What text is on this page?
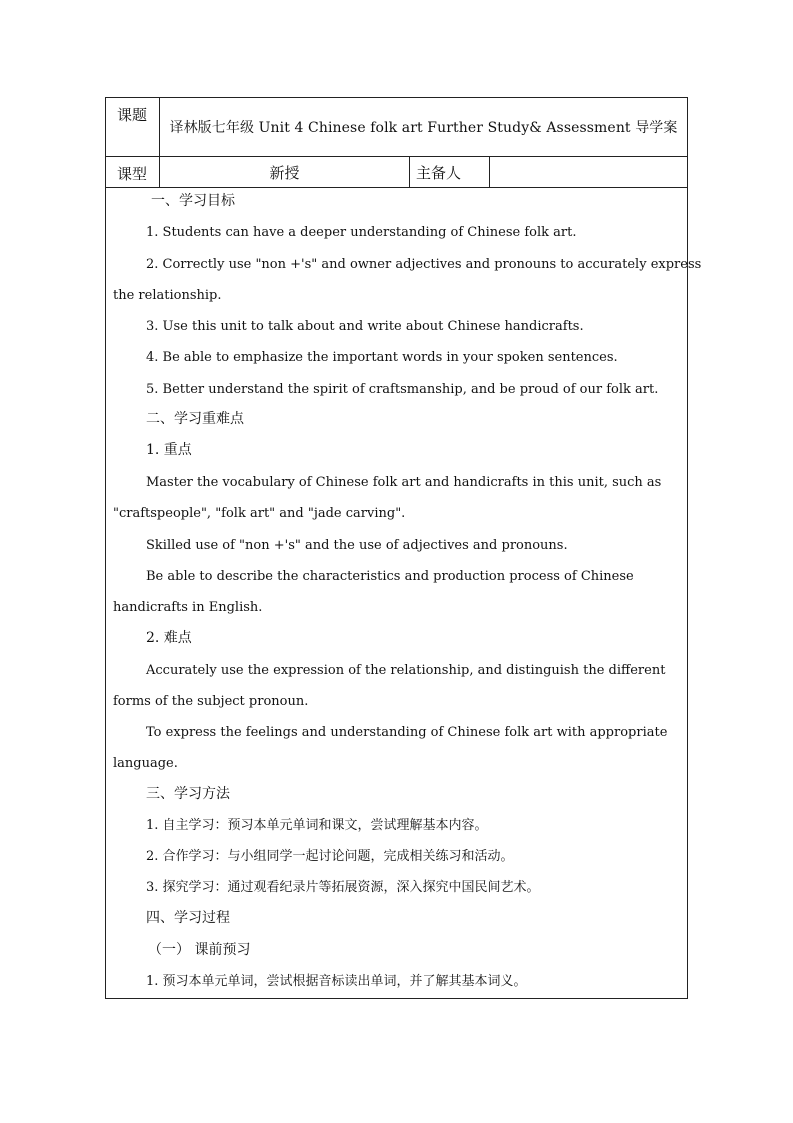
课题
译林版七年级 Unit 4 Chinese folk art Further Study& Assessment 导学案
课型	新授	主备人
一、学习目标
1. Students can have a deeper understanding of Chinese folk art.
2. Correctly use "non +'s" and owner adjectives and pronouns to accurately express
the relationship.
3. Use this unit to talk about and write about Chinese handicrafts.
4. Be able to emphasize the important words in your spoken sentences.
5. Better understand the spirit of craftsmanship, and be proud of our folk art.
二、学习重难点
1. 重点
Master the vocabulary of Chinese folk art and handicrafts in this unit, such as
"craftspeople", "folk art" and "jade carving".
Skilled use of "non +'s" and the use of adjectives and pronouns.
Be able to describe the characteristics and production process of Chinese
handicrafts in English.
2. 难点
Accurately use the expression of the relationship, and distinguish the different
forms of the subject pronoun.
To express the feelings and understanding of Chinese folk art with appropriate
language.
三、学习方法
1. 自主学习：预习本单元单词和课文，尝试理解基本内容。
2. 合作学习：与小组同学一起讨论问题，完成相关练习和活动。
3. 探究学习：通过观看纪录片等拓展资源，深入探究中国民间艺术。
四、学习过程
（一） 课前预习
1. 预习本单元单词，尝试根据音标读出单词，并了解其基本词义。
